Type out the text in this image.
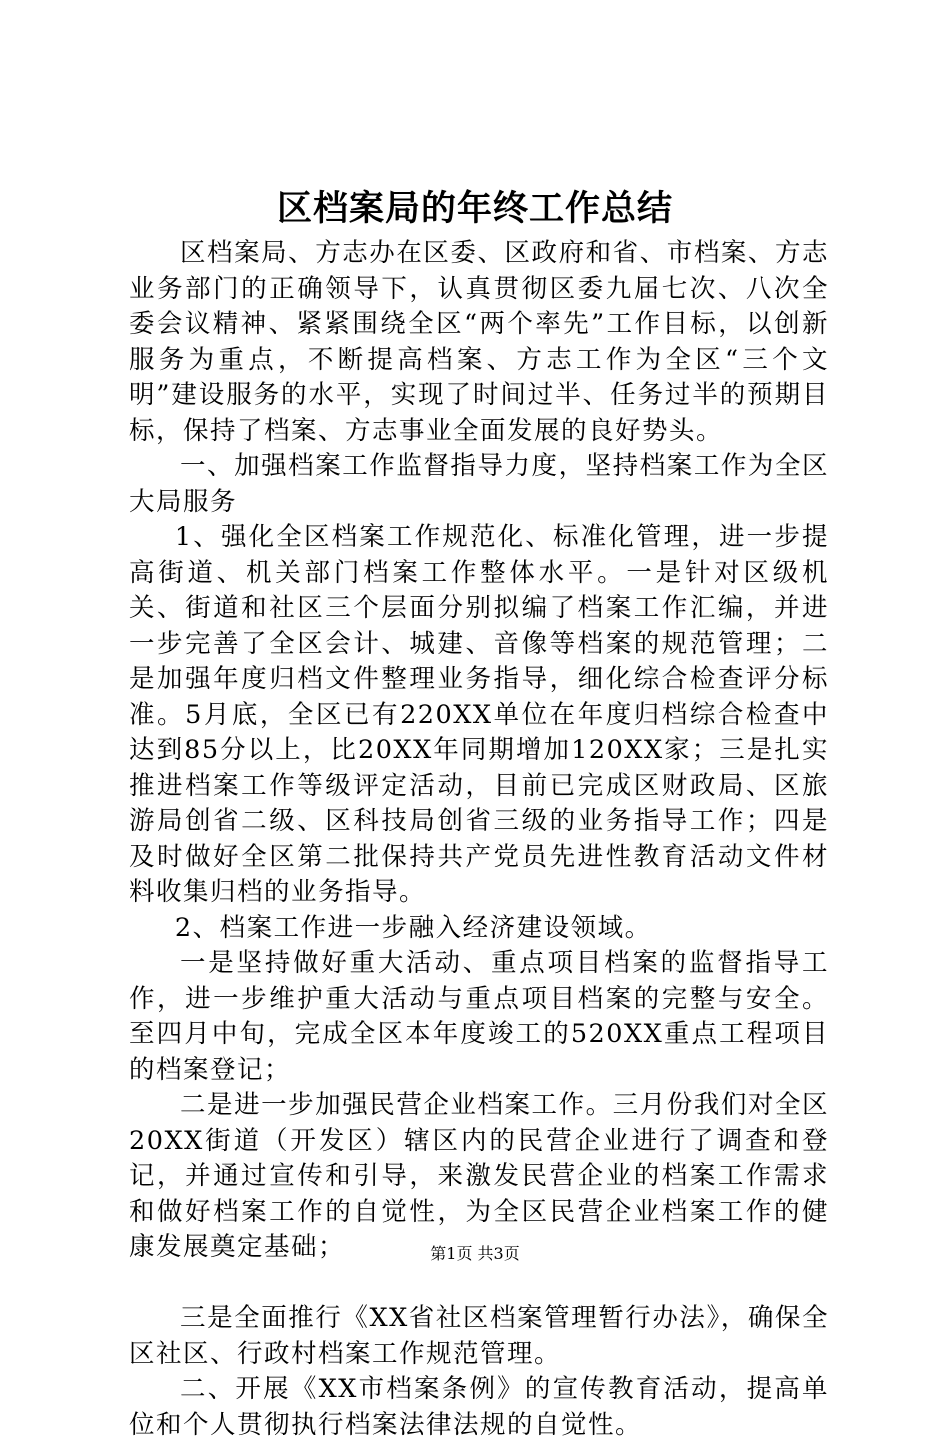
区档案局的年终工作总结

区档案局、方志办在区委、区政府和省、市档案、方志业务部门的正确领导下，认真贯彻区委九届七次、八次全委会议精神、紧紧围绕全区“两个率先”工作目标，以创新服务为重点，不断提高档案、方志工作为全区“三个文明”建设服务的水平，实现了时间过半、任务过半的预期目标，保持了档案、方志事业全面发展的良好势头。

一、加强档案工作监督指导力度，坚持档案工作为全区大局服务

1、强化全区档案工作规范化、标准化管理，进一步提高街道、机关部门档案工作整体水平。一是针对区级机关、街道和社区三个层面分别拟编了档案工作汇编，并进一步完善了全区会计、城建、音像等档案的规范管理；二是加强年度归档文件整理业务指导，细化综合检查评分标准。5月底，全区已有220XX单位在年度归档综合检查中达到85分以上，比20XX年同期增加120XX家；三是扎实推进档案工作等级评定活动，目前已完成区财政局、区旅游局创省二级、区科技局创省三级的业务指导工作；四是及时做好全区第二批保持共产党员先进性教育活动文件材料收集归档的业务指导。

2、档案工作进一步融入经济建设领域。

一是坚持做好重大活动、重点项目档案的监督指导工作，进一步维护重大活动与重点项目档案的完整与安全。至四月中旬，完成全区本年度竣工的520XX重点工程项目的档案登记；

二是进一步加强民营企业档案工作。三月份我们对全区20XX街道（开发区）辖区内的民营企业进行了调查和登记，并通过宣传和引导，来激发民营企业的档案工作需求和做好档案工作的自觉性，为全区民营企业档案工作的健康发展奠定基础；

三是全面推行《XX省社区档案管理暂行办法》，确保全区社区、行政村档案工作规范管理。

二、开展《XX市档案条例》的宣传教育活动，提高单位和个人贯彻执行档案法律法规的自觉性。

第1页 共3页
